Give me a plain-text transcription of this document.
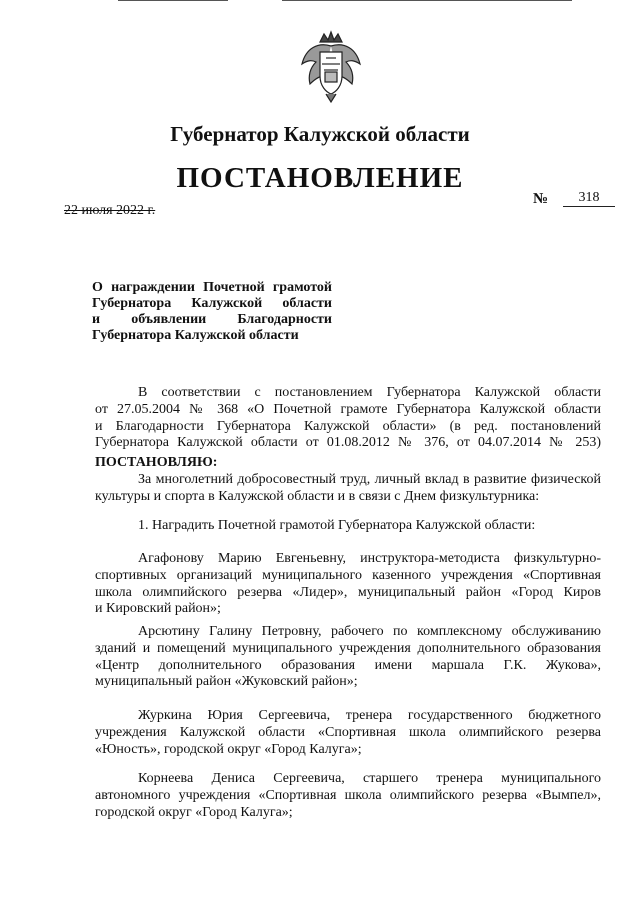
Губернатор Калужской области
ПОСТАНОВЛЕНИЕ
22 июля 2022 г.
№	318
О награждении Почетной грамотой
Губернатора Калужской области
и объявлении Благодарности
Губернатора Калужской области
В соответствии с постановлением Губернатора Калужской области
от 27.05.2004 № 368 «О Почетной грамоте Губернатора Калужской области
и Благодарности Губернатора Калужской области» (в ред. постановлений
Губернатора Калужской области от 01.08.2012 № 376, от 04.07.2014 № 253)
ПОСТАНОВЛЯЮ:
За многолетний добросовестный труд, личный вклад в развитие физической
культуры и спорта в Калужской области и в связи с Днем физкультурника:
1. Наградить Почетной грамотой Губернатора Калужской области:
Агафонову Марию Евгеньевну, инструктора-методиста физкультурно-
спортивных организаций муниципального казенного учреждения «Спортивная
школа олимпийского резерва «Лидер», муниципальный район «Город Киров
и Кировский район»;
Арсютину Галину Петровну, рабочего по комплексному обслуживанию
зданий и помещений муниципального учреждения дополнительного образования
«Центр дополнительного образования имени маршала Г.К. Жукова»,
муниципальный район «Жуковский район»;
Журкина Юрия Сергеевича, тренера государственного бюджетного
учреждения Калужской области «Спортивная школа олимпийского резерва
«Юность», городской округ «Город Калуга»;
Корнеева Дениса Сергеевича, старшего тренера муниципального
автономного учреждения «Спортивная школа олимпийского резерва «Вымпел»,
городской округ «Город Калуга»;
